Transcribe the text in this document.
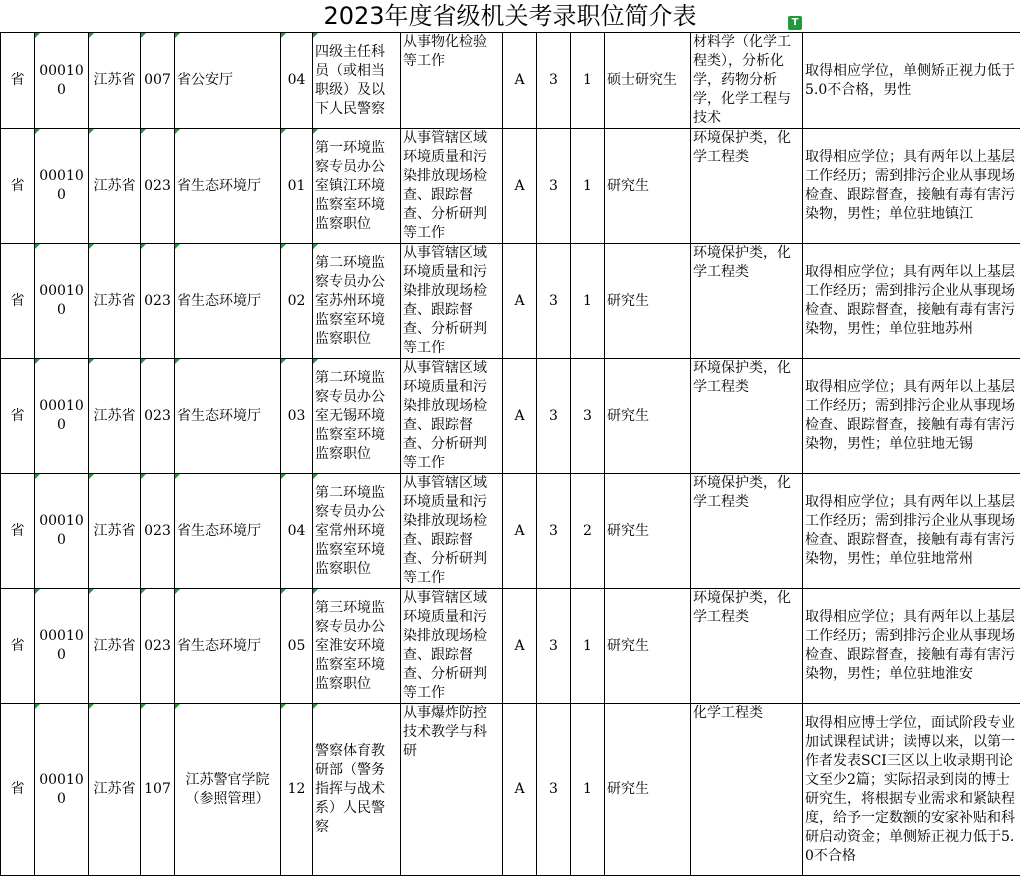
2023年度省级机关考录职位简介表	T
省	000100	江苏省	007	省公安厅	04	四级主任科员（或相当职级）及以下人民警察	从事物化检验等工作	A	3	1	硕士研究生	材料学（化学工程类），分析化学，药物分析学，化学工程与技术	取得相应学位，单侧矫正视力低于5.0不合格，男性
省	000100	江苏省	023	省生态环境厅	01	第一环境监察专员办公室镇江环境监察室环境监察职位	从事管辖区域环境质量和污染排放现场检查、跟踪督查、分析研判等工作	A	3	1	研究生	环境保护类，化学工程类	取得相应学位；具有两年以上基层工作经历；需到排污企业从事现场检查、跟踪督查，接触有毒有害污染物，男性；单位驻地镇江
省	000100	江苏省	023	省生态环境厅	02	第二环境监察专员办公室苏州环境监察室环境监察职位	从事管辖区域环境质量和污染排放现场检查、跟踪督查、分析研判等工作	A	3	1	研究生	环境保护类，化学工程类	取得相应学位；具有两年以上基层工作经历；需到排污企业从事现场检查、跟踪督查，接触有毒有害污染物，男性；单位驻地苏州
省	000100	江苏省	023	省生态环境厅	03	第二环境监察专员办公室无锡环境监察室环境监察职位	从事管辖区域环境质量和污染排放现场检查、跟踪督查、分析研判等工作	A	3	3	研究生	环境保护类，化学工程类	取得相应学位；具有两年以上基层工作经历；需到排污企业从事现场检查、跟踪督查，接触有毒有害污染物，男性；单位驻地无锡
省	000100	江苏省	023	省生态环境厅	04	第二环境监察专员办公室常州环境监察室环境监察职位	从事管辖区域环境质量和污染排放现场检查、跟踪督查、分析研判等工作	A	3	2	研究生	环境保护类，化学工程类	取得相应学位；具有两年以上基层工作经历；需到排污企业从事现场检查、跟踪督查，接触有毒有害污染物，男性；单位驻地常州
省	000100	江苏省	023	省生态环境厅	05	第三环境监察专员办公室淮安环境监察室环境监察职位	从事管辖区域环境质量和污染排放现场检查、跟踪督查、分析研判等工作	A	3	1	研究生	环境保护类，化学工程类	取得相应学位；具有两年以上基层工作经历；需到排污企业从事现场检查、跟踪督查，接触有毒有害污染物，男性；单位驻地淮安
省	000100	江苏省	107	江苏警官学院（参照管理）	12	警察体育教研部（警务指挥与战术系）人民警察	从事爆炸防控技术教学与科研	A	3	1	研究生	化学工程类	取得相应博士学位，面试阶段专业加试课程试讲；读博以来，以第一作者发表SCI三区以上收录期刊论文至少2篇；实际招录到岗的博士研究生，将根据专业需求和紧缺程度，给予一定数额的安家补贴和科研启动资金；单侧矫正视力低于5.0不合格
